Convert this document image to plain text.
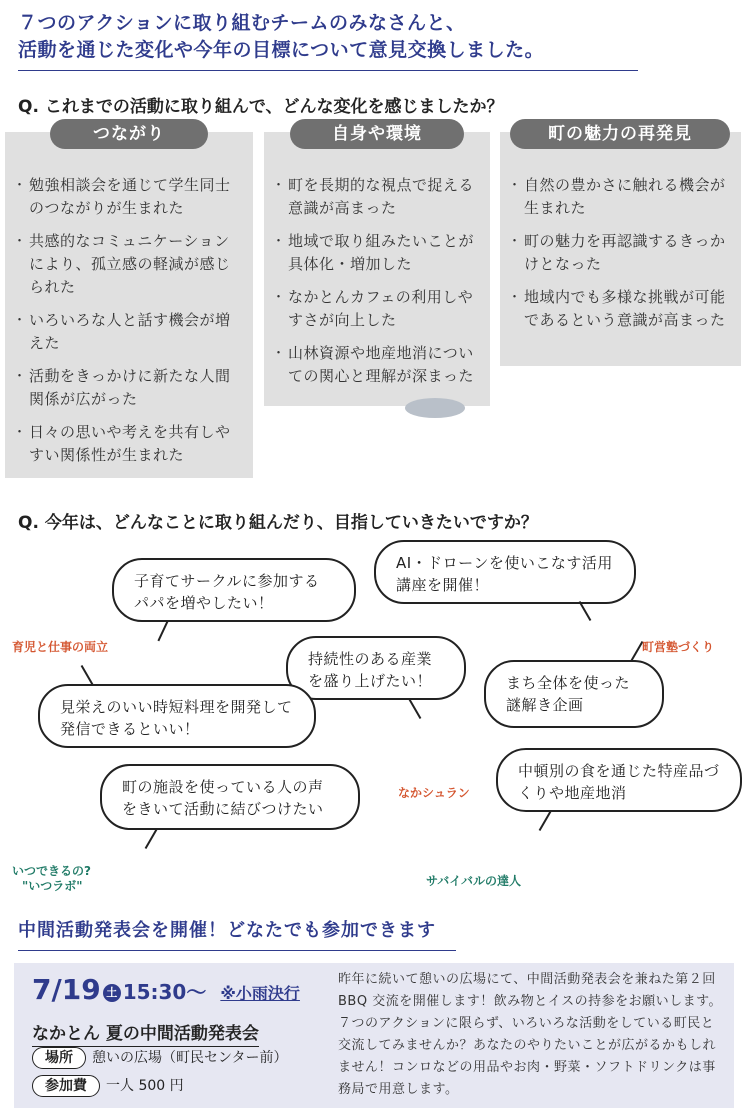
７つのアクションに取り組むチームのみなさんと、
活動を通じた変化や今年の目標について意見交換しました。
Q. これまでの活動に取り組んで、どんな変化を感じましたか？
・ 勉強相談会を通じて学生同士のつながりが生まれた
・ 共感的なコミュニケーションにより、孤立感の軽減が感じられた
・ いろいろな人と話す機会が増えた
・ 活動をきっかけに新たな人間関係が広がった
・ 日々の思いや考えを共有しやすい関係性が生まれた
つながり
・ 町を長期的な視点で捉える意識が高まった
・ 地域で取り組みたいことが具体化・増加した
・ なかとんカフェの利用しやすさが向上した
・ 山林資源や地産地消についての関心と理解が深まった
自身や環境
・ 自然の豊かさに触れる機会が生まれた
・ 町の魅力を再認識するきっかけとなった
・ 地域内でも多様な挑戦が可能であるという意識が高まった
町の魅力の再発見
Q. 今年は、どんなことに取り組んだり、目指していきたいですか？
子育てサークルに参加するパパを増やしたい！
AI・ドローンを使いこなす活用講座を開催！
持続性のある産業を盛り上げたい！
見栄えのいい時短料理を開発して発信できるといい！
まち全体を使った謎解き企画
町の施設を使っている人の声をきいて活動に結びつけたい
中頓別の食を通じた特産品づくりや地産地消
育児と仕事の両立	町営塾づくり
なかシュラン
いつできるの?
"いつラボ"	サバイバルの達人
中間活動発表会を開催！どなたでも参加できます
7/19 土 15:30〜 ※小雨決行
なかとん 夏の中間活動発表会
場所 憩いの広場（町民センター前）
参加費 一人 500 円
昨年に続いて憩いの広場にて、中間活動発表会を兼ねた第２回 BBQ 交流を開催します！飲み物とイスの持参をお願いします。７つのアクションに限らず、いろいろな活動をしている町民と交流してみませんか？あなたのやりたいことが広がるかもしれません！コンロなどの用品やお肉・野菜・ソフトドリンクは事務局で用意します。
